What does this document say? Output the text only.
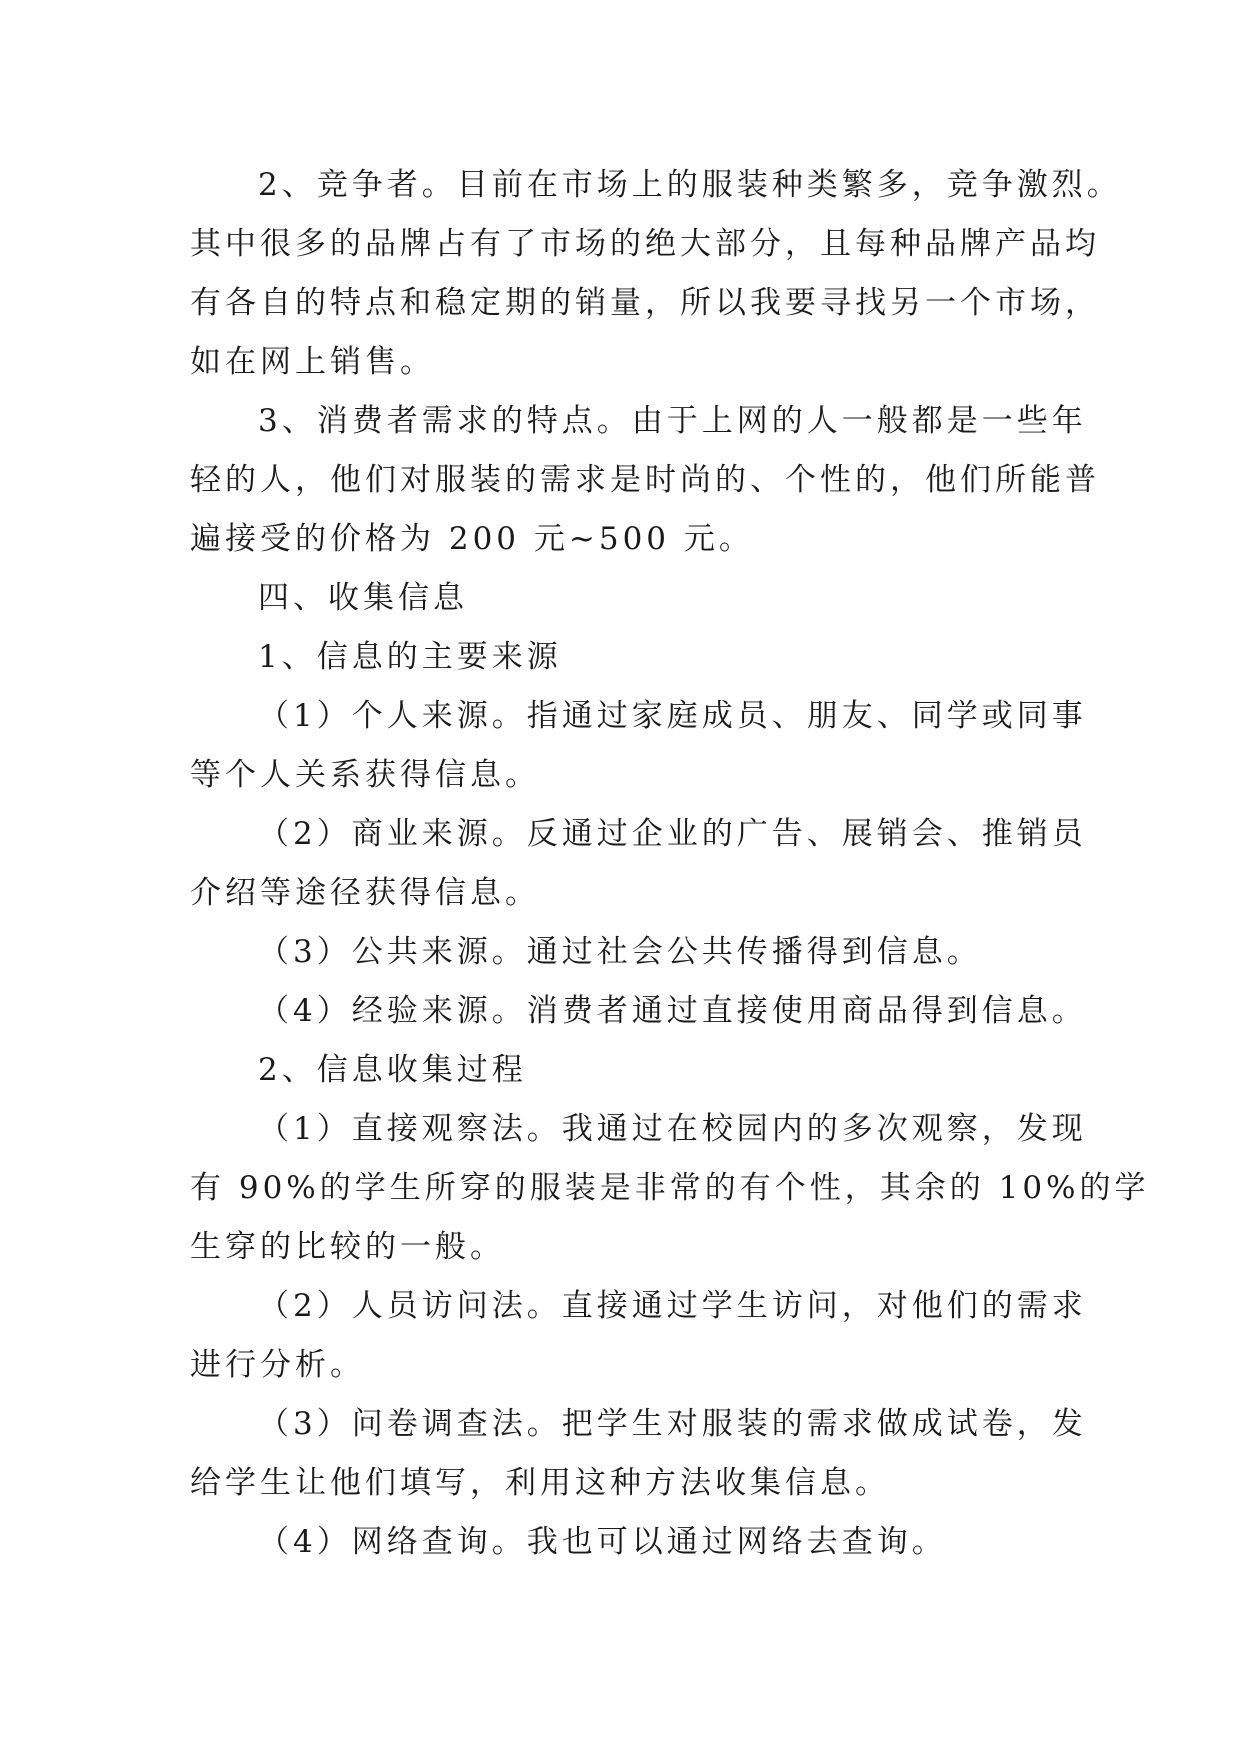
2、竞争者。目前在市场上的服装种类繁多，竞争激烈。
其中很多的品牌占有了市场的绝大部分，且每种品牌产品均
有各自的特点和稳定期的销量，所以我要寻找另一个市场，
如在网上销售。
3、消费者需求的特点。由于上网的人一般都是一些年
轻的人，他们对服装的需求是时尚的、个性的，他们所能普
遍接受的价格为 200 元~500 元。
四、收集信息
1、信息的主要来源
（1）个人来源。指通过家庭成员、朋友、同学或同事
等个人关系获得信息。
（2）商业来源。反通过企业的广告、展销会、推销员
介绍等途径获得信息。
（3）公共来源。通过社会公共传播得到信息。
（4）经验来源。消费者通过直接使用商品得到信息。
2、信息收集过程
（1）直接观察法。我通过在校园内的多次观察，发现
有 90%的学生所穿的服装是非常的有个性，其余的 10%的学
生穿的比较的一般。
（2）人员访问法。直接通过学生访问，对他们的需求
进行分析。
（3）问卷调查法。把学生对服装的需求做成试卷，发
给学生让他们填写，利用这种方法收集信息。
（4）网络查询。我也可以通过网络去查询。
